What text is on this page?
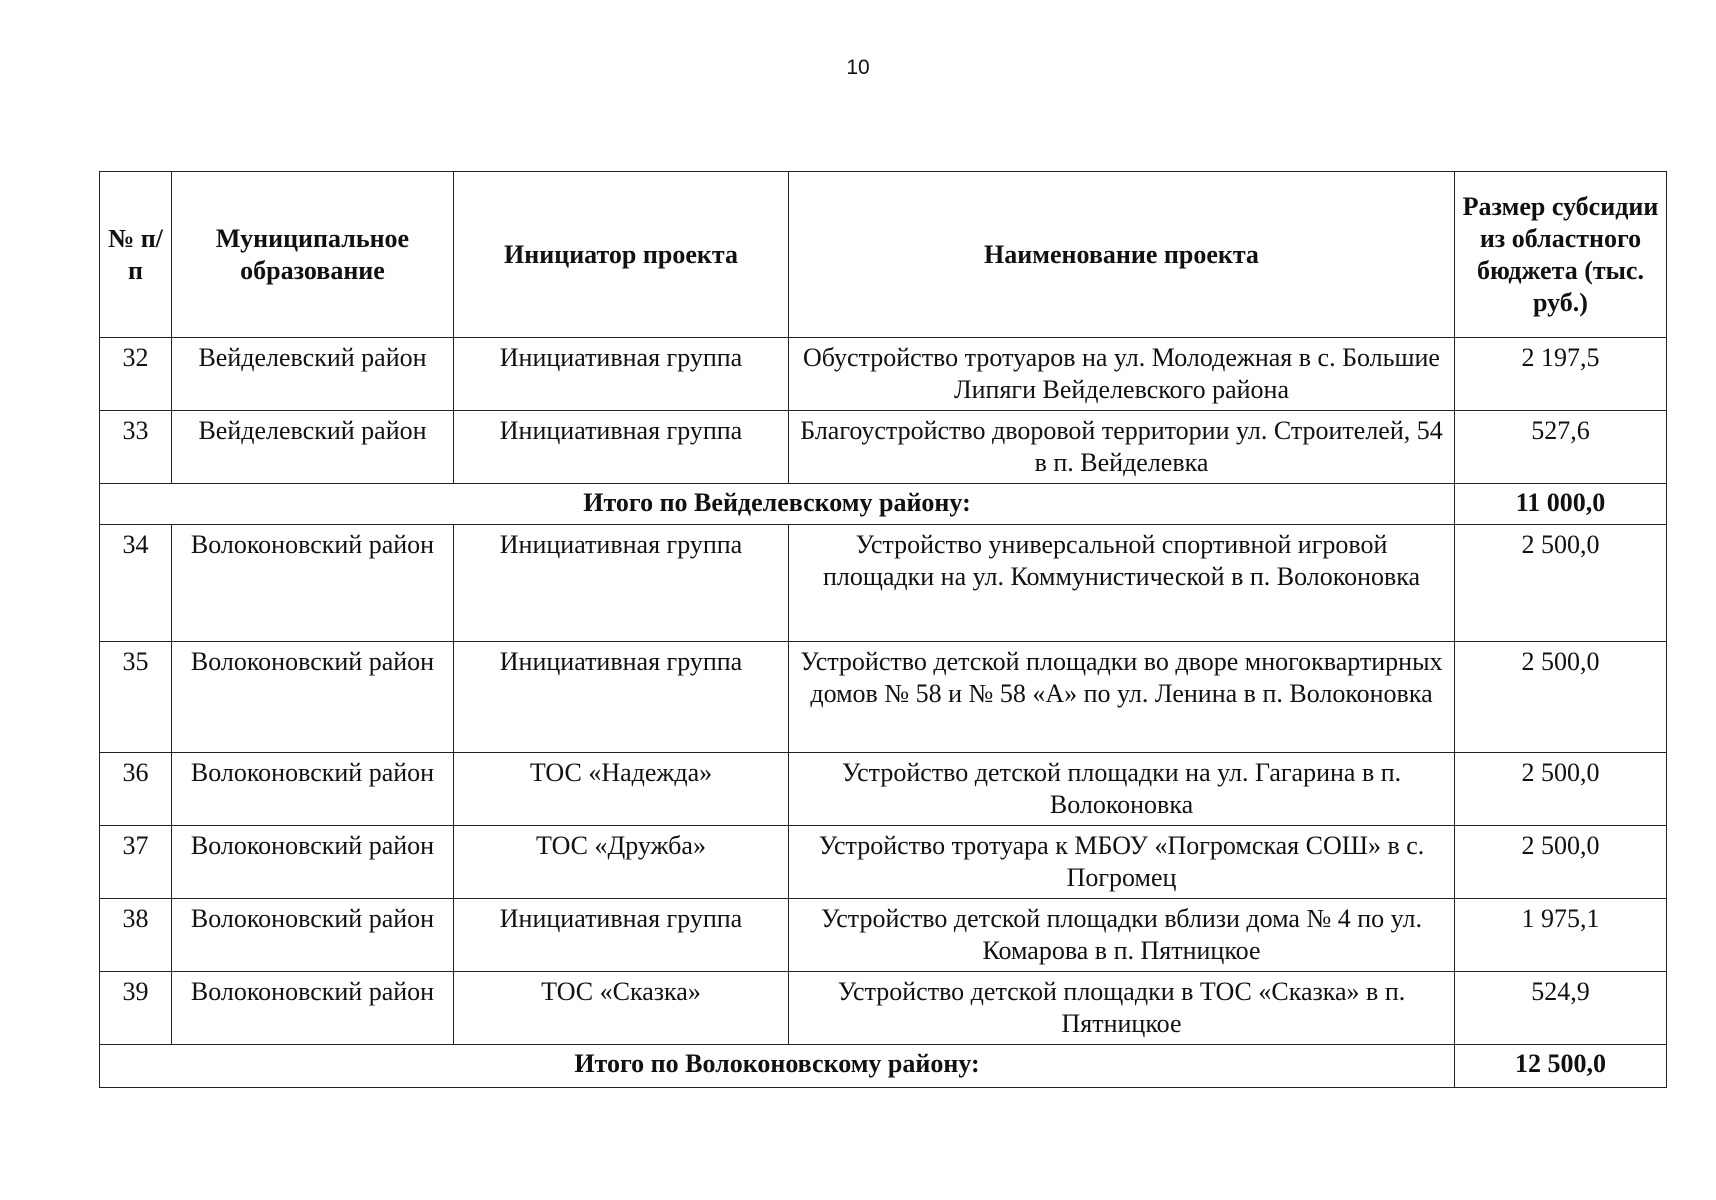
10
№ п/п	Муниципальное образование	Инициатор проекта	Наименование проекта	Размер субсидии из областного бюджета (тыс. руб.)
32	Вейделевский район	Инициативная группа	Обустройство тротуаров на ул. Молодежная в с. Большие Липяги Вейделевского района	2 197,5
33	Вейделевский район	Инициативная группа	Благоустройство дворовой территории ул. Строителей, 54 в п. Вейделевка	527,6
Итого по Вейделевскому району:				11 000,0
34	Волоконовский район	Инициативная группа	Устройство универсальной спортивной игровой площадки на ул. Коммунистической в п. Волоконовка	2 500,0
35	Волоконовский район	Инициативная группа	Устройство детской площадки во дворе многоквартирных домов № 58 и № 58 «А» по ул. Ленина в п. Волоконовка	2 500,0
36	Волоконовский район	ТОС «Надежда»	Устройство детской площадки на ул. Гагарина в п. Волоконовка	2 500,0
37	Волоконовский район	ТОС «Дружба»	Устройство тротуара к МБОУ «Погромская СОШ» в с. Погромец	2 500,0
38	Волоконовский район	Инициативная группа	Устройство детской площадки вблизи дома № 4 по ул. Комарова в п. Пятницкое	1 975,1
39	Волоконовский район	ТОС «Сказка»	Устройство детской площадки в ТОС «Сказка» в п. Пятницкое	524,9
Итого по Волоконовскому району:				12 500,0
